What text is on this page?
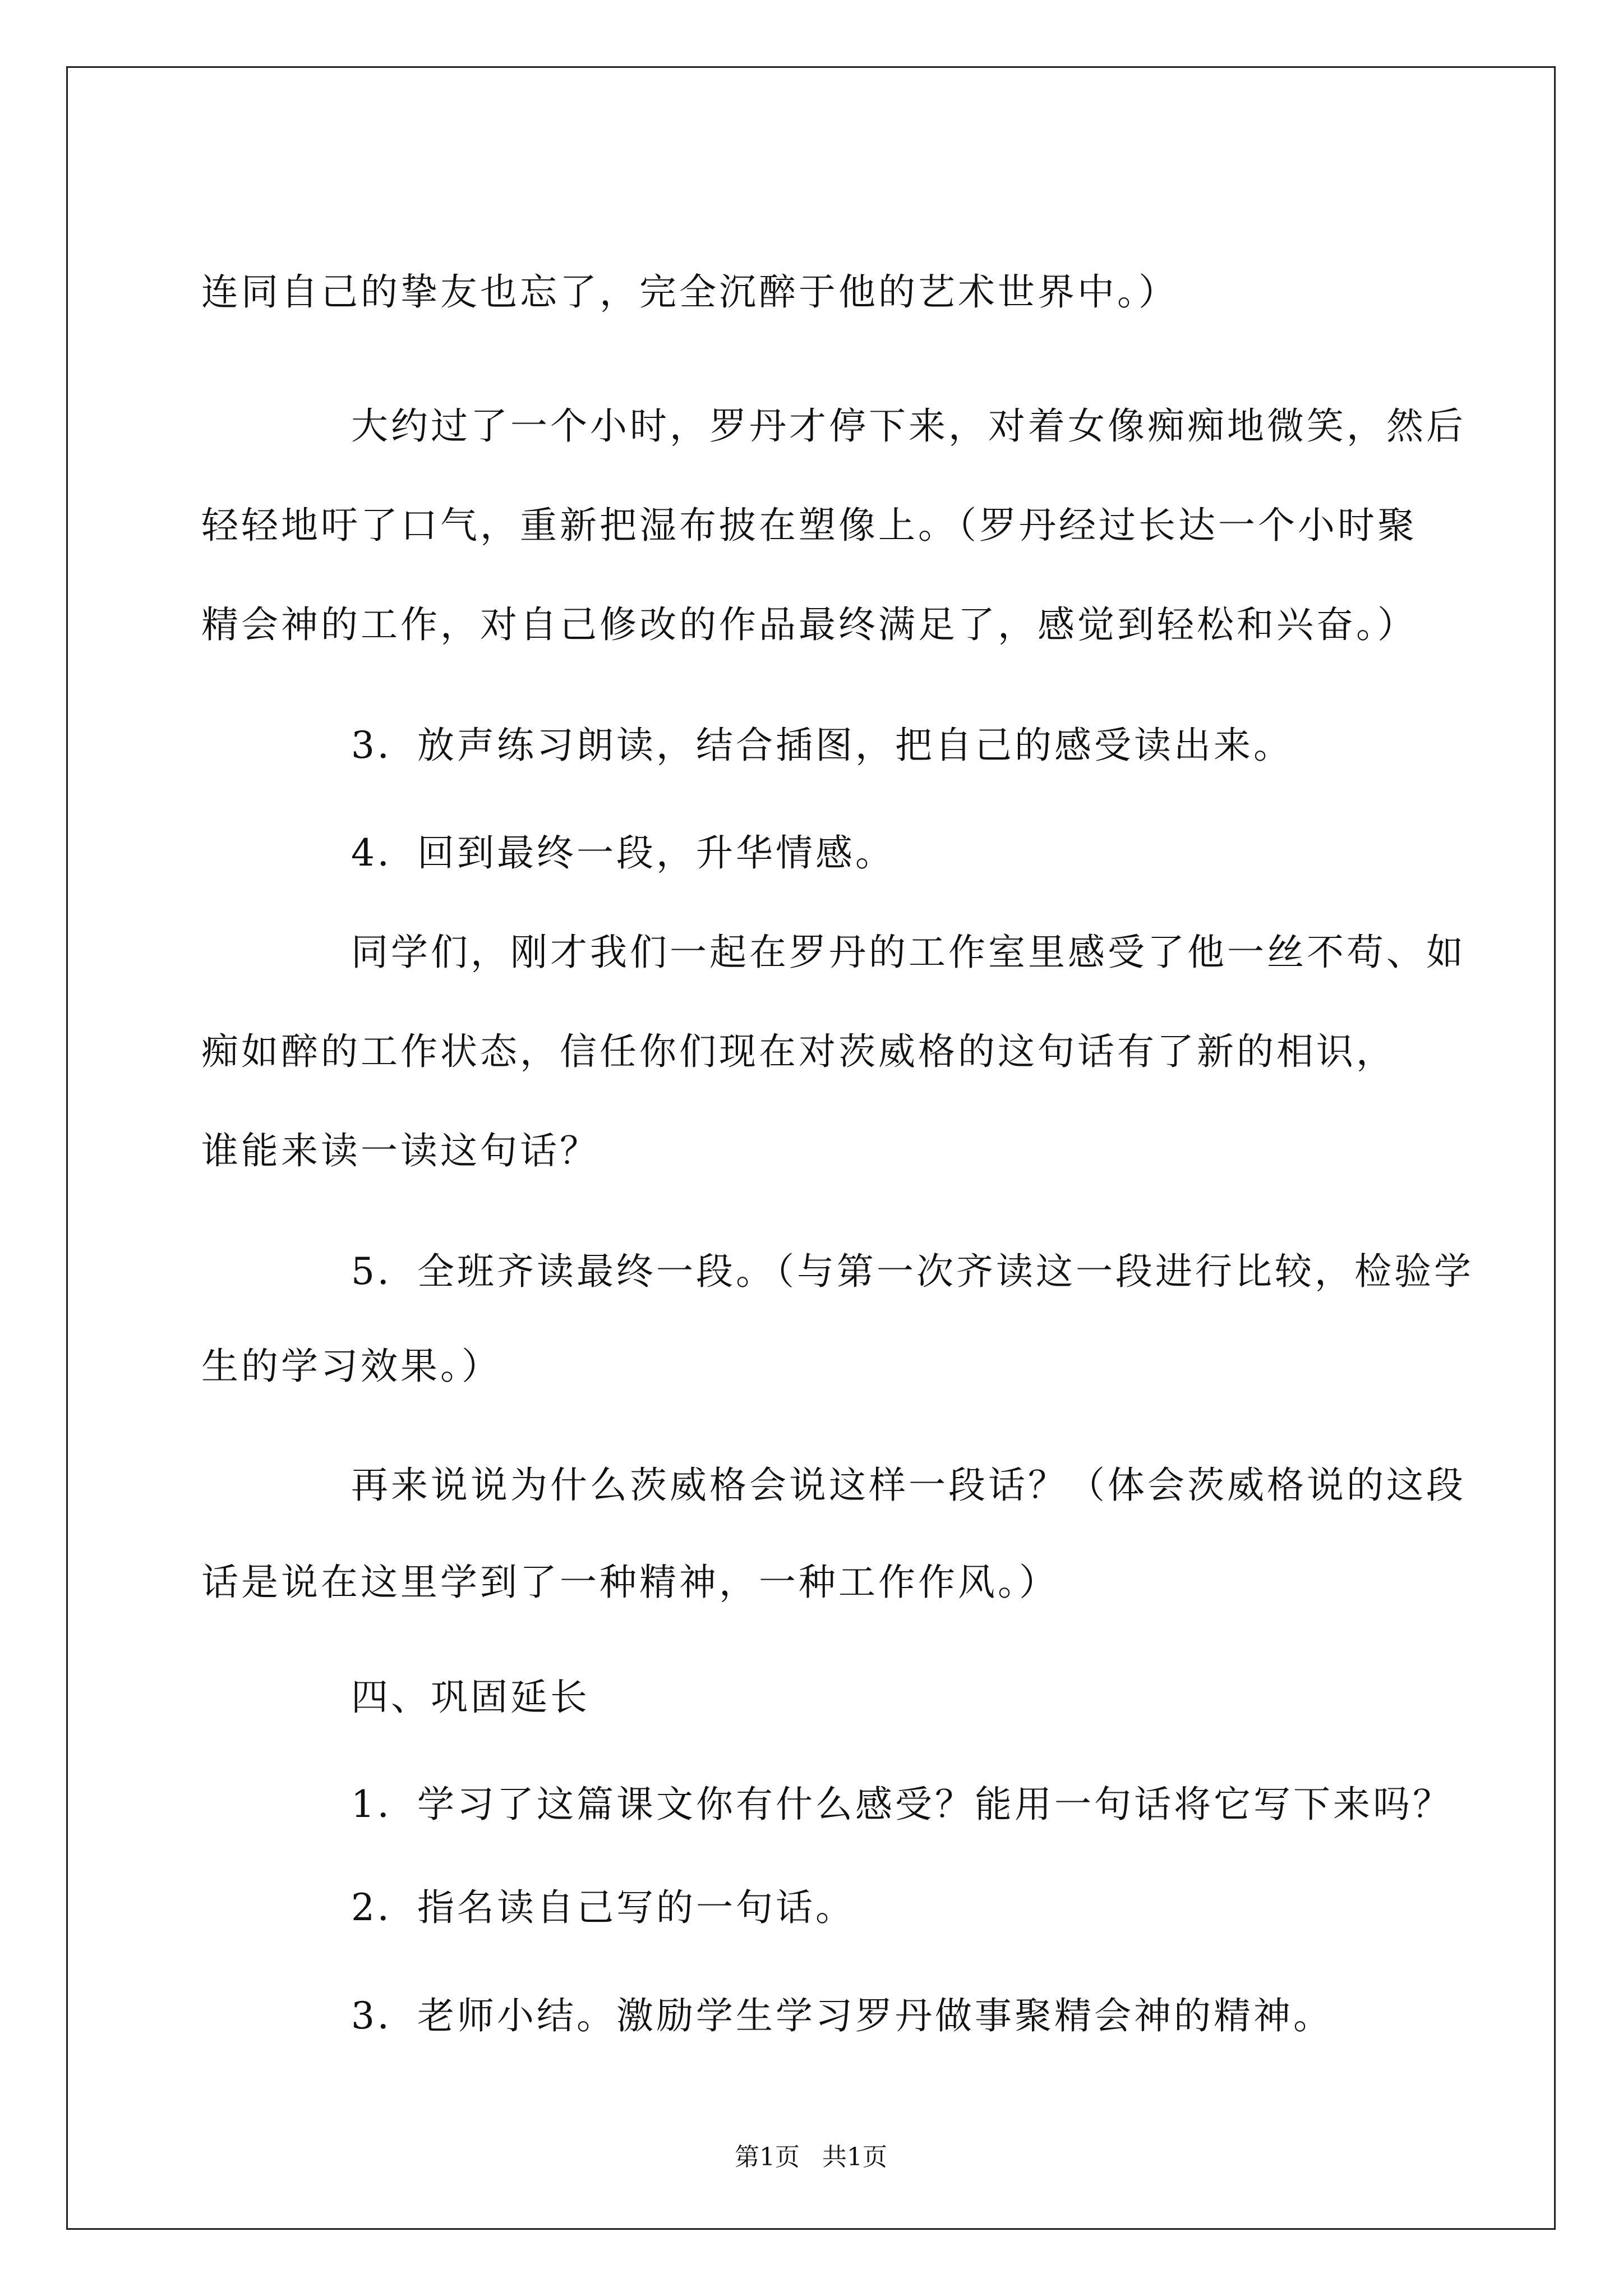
连同自己的挚友也忘了，完全沉醉于他的艺术世界中。）
大约过了一个小时，罗丹才停下来，对着女像痴痴地微笑，然后
轻轻地吁了口气，重新把湿布披在塑像上。（罗丹经过长达一个小时聚
精会神的工作，对自己修改的作品最终满足了，感觉到轻松和兴奋。）
3．放声练习朗读，结合插图，把自己的感受读出来。
4．回到最终一段，升华情感。
同学们，刚才我们一起在罗丹的工作室里感受了他一丝不苟、如
痴如醉的工作状态，信任你们现在对茨威格的这句话有了新的相识，
谁能来读一读这句话？
5．全班齐读最终一段。（与第一次齐读这一段进行比较，检验学
生的学习效果。）
再来说说为什么茨威格会说这样一段话？（体会茨威格说的这段
话是说在这里学到了一种精神，一种工作作风。）
四、巩固延长
1．学习了这篇课文你有什么感受？能用一句话将它写下来吗？
2．指名读自己写的一句话。
3．老师小结。激励学生学习罗丹做事聚精会神的精神。
第1页 共1页
